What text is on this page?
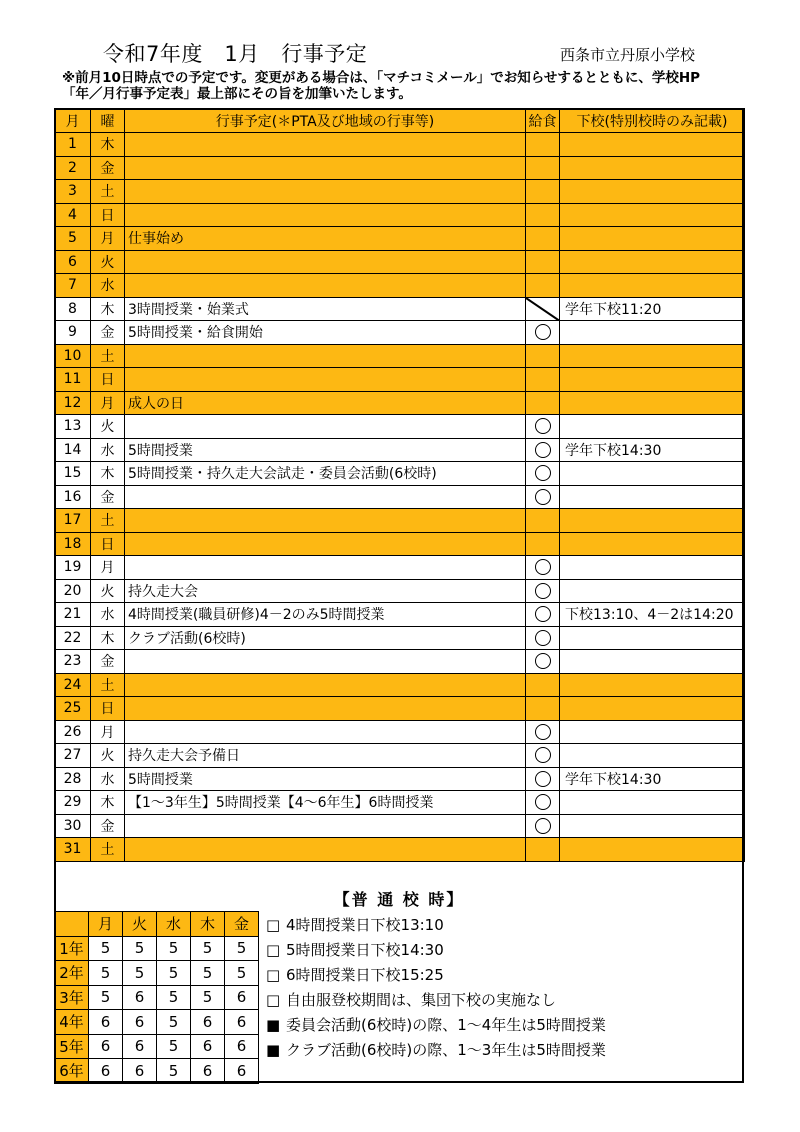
令和7年度　1月　行事予定	西条市立丹原小学校
※前月10日時点での予定です。変更がある場合は、「マチコミメール」でお知らせするとともに、学校HP
「年／月行事予定表」最上部にその旨を加筆いたします。
月	曜	行事予定(＊PTA及び地域の行事等)	給食	下校(特別校時のみ記載)
1	木			
2	金			
3	土			
4	日			
5	月	仕事始め		
6	火			
7	水			
8	木	3時間授業・始業式		学年下校11:20
9	金	5時間授業・給食開始		
10	土			
11	日			
12	月	成人の日		
13	火			
14	水	5時間授業		学年下校14:30
15	木	5時間授業・持久走大会試走・委員会活動(6校時)		
16	金			
17	土			
18	日			
19	月			
20	火	持久走大会		
21	水	4時間授業(職員研修)4－2のみ5時間授業		下校13:10、4－2は14:20
22	木	クラブ活動(6校時)		
23	金			
24	土			
25	日			
26	月			
27	火	持久走大会予備日		
28	水	5時間授業		学年下校14:30
29	木	【1～3年生】5時間授業【4～6年生】6時間授業		
30	金			
31	土			
【普 通 校 時】
	月	火	水	木	金
1年	5	5	5	5	5
2年	5	5	5	5	5
3年	5	6	5	5	6
4年	6	6	5	6	6
5年	6	6	5	6	6
6年	6	6	5	6	6
□ 4時間授業日下校13:10
□ 5時間授業日下校14:30
□ 6時間授業日下校15:25
□ 自由服登校期間は、集団下校の実施なし
■ 委員会活動(6校時)の際、1～4年生は5時間授業
■ クラブ活動(6校時)の際、1～3年生は5時間授業
